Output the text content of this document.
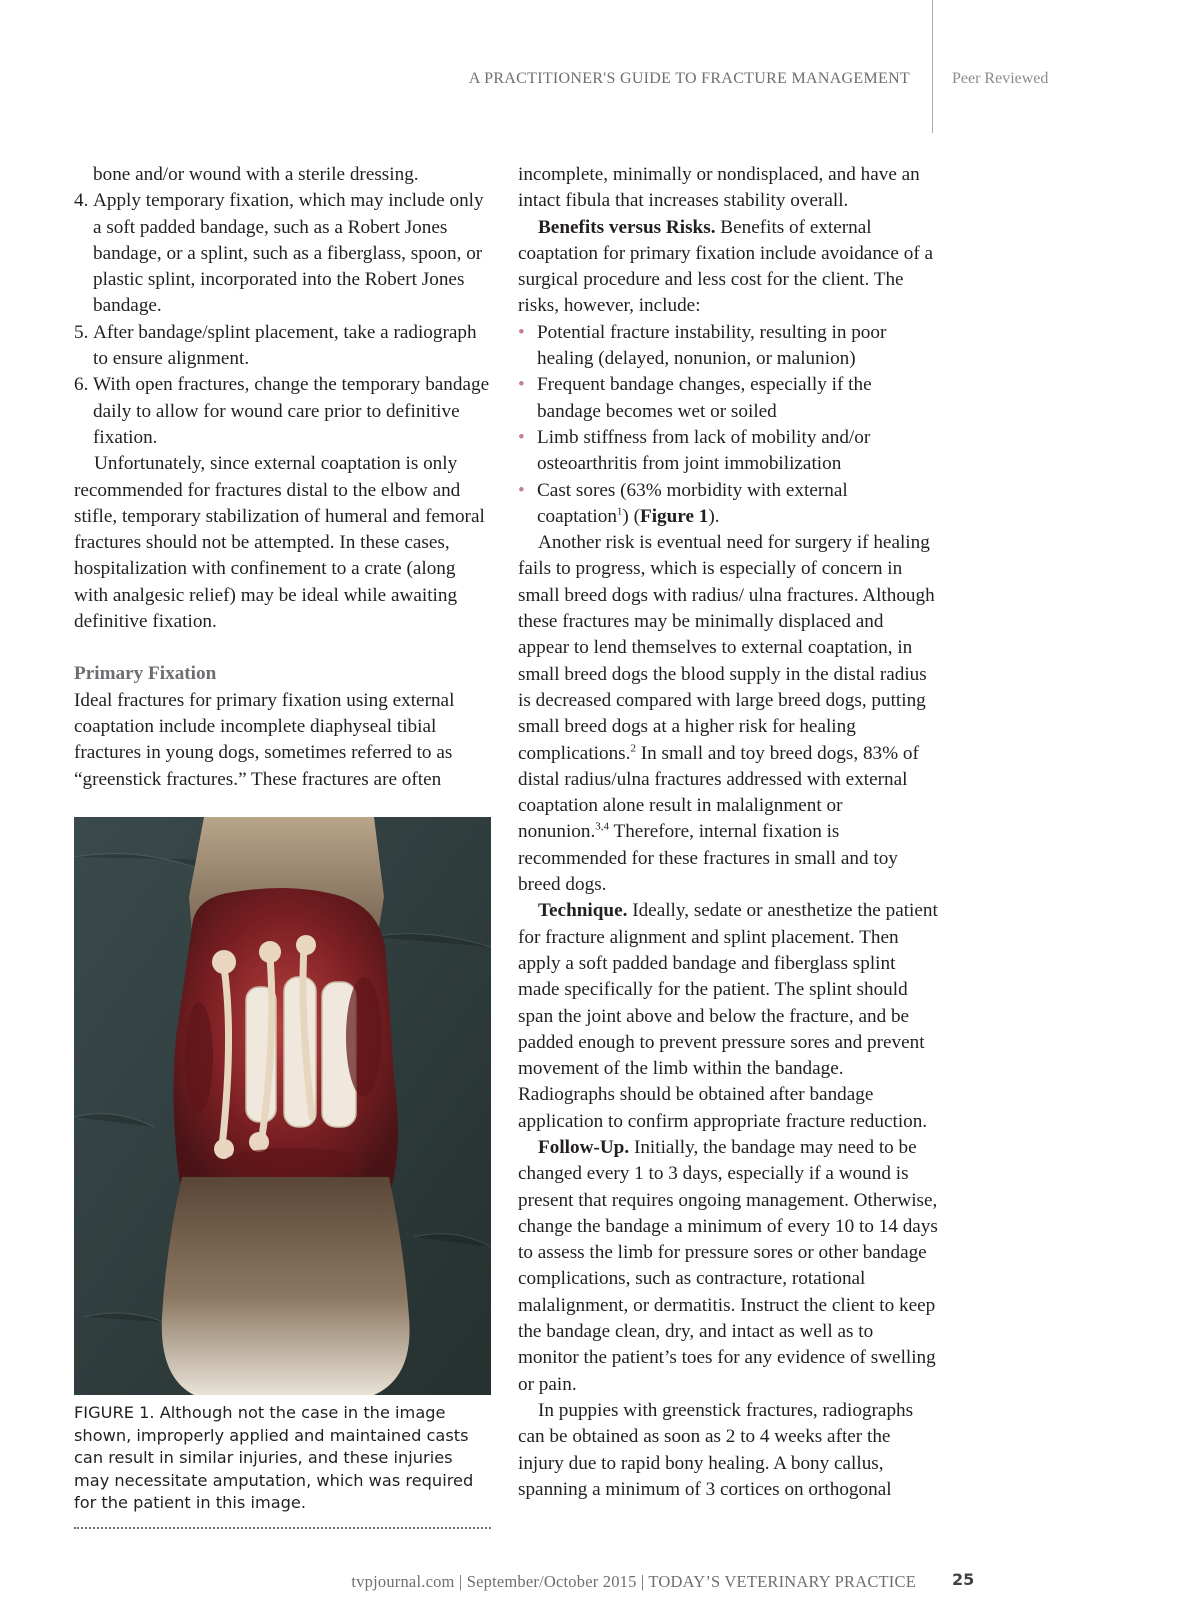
A PRACTITIONER'S GUIDE TO FRACTURE MANAGEMENT	Peer Reviewed

bone and/or wound with a sterile dressing.

4. Apply temporary fixation, which may include only a soft padded bandage, such as a Robert Jones bandage, or a splint, such as a fiberglass, spoon, or plastic splint, incorporated into the Robert Jones bandage.
5. After bandage/splint placement, take a radiograph to ensure alignment.
6. With open fractures, change the temporary bandage daily to allow for wound care prior to definitive fixation.

Unfortunately, since external coaptation is only recommended for fractures distal to the elbow and stifle, temporary stabilization of humeral and femoral fractures should not be attempted. In these cases, hospitalization with confinement to a crate (along with analgesic relief) may be ideal while awaiting definitive fixation.

Primary Fixation

Ideal fractures for primary fixation using external coaptation include incomplete diaphyseal tibial fractures in young dogs, sometimes referred to as “greenstick fractures.” These fractures are often

FIGURE 1. Although not the case in the image shown, improperly applied and maintained casts can result in similar injuries, and these injuries may necessitate amputation, which was required for the patient in this image.

incomplete, minimally or nondisplaced, and have an intact fibula that increases stability overall.

Benefits versus Risks. Benefits of external coaptation for primary fixation include avoidance of a surgical procedure and less cost for the client. The risks, however, include:

• Potential fracture instability, resulting in poor healing (delayed, nonunion, or malunion)
• Frequent bandage changes, especially if the bandage becomes wet or soiled
• Limb stiffness from lack of mobility and/or osteoarthritis from joint immobilization
• Cast sores (63% morbidity with external coaptation$^1$) (Figure 1).

Another risk is eventual need for surgery if healing fails to progress, which is especially of concern in small breed dogs with radius/ ulna fractures. Although these fractures may be minimally displaced and appear to lend themselves to external coaptation, in small breed dogs the blood supply in the distal radius is decreased compared with large breed dogs, putting small breed dogs at a higher risk for healing complications.$^2$ In small and toy breed dogs, 83% of distal radius/ulna fractures addressed with external coaptation alone result in malalignment or nonunion.$^{3,4}$ Therefore, internal fixation is recommended for these fractures in small and toy breed dogs.

Technique. Ideally, sedate or anesthetize the patient for fracture alignment and splint placement. Then apply a soft padded bandage and fiberglass splint made specifically for the patient. The splint should span the joint above and below the fracture, and be padded enough to prevent pressure sores and prevent movement of the limb within the bandage. Radiographs should be obtained after bandage application to confirm appropriate fracture reduction.

Follow-Up. Initially, the bandage may need to be changed every 1 to 3 days, especially if a wound is present that requires ongoing management. Otherwise, change the bandage a minimum of every 10 to 14 days to assess the limb for pressure sores or other bandage complications, such as contracture, rotational malalignment, or dermatitis. Instruct the client to keep the bandage clean, dry, and intact as well as to monitor the patient’s toes for any evidence of swelling or pain.

In puppies with greenstick fractures, radiographs can be obtained as soon as 2 to 4 weeks after the injury due to rapid bony healing. A bony callus, spanning a minimum of 3 cortices on orthogonal

tvpjournal.com | September/October 2015 | TODAY’S VETERINARY PRACTICE 25
